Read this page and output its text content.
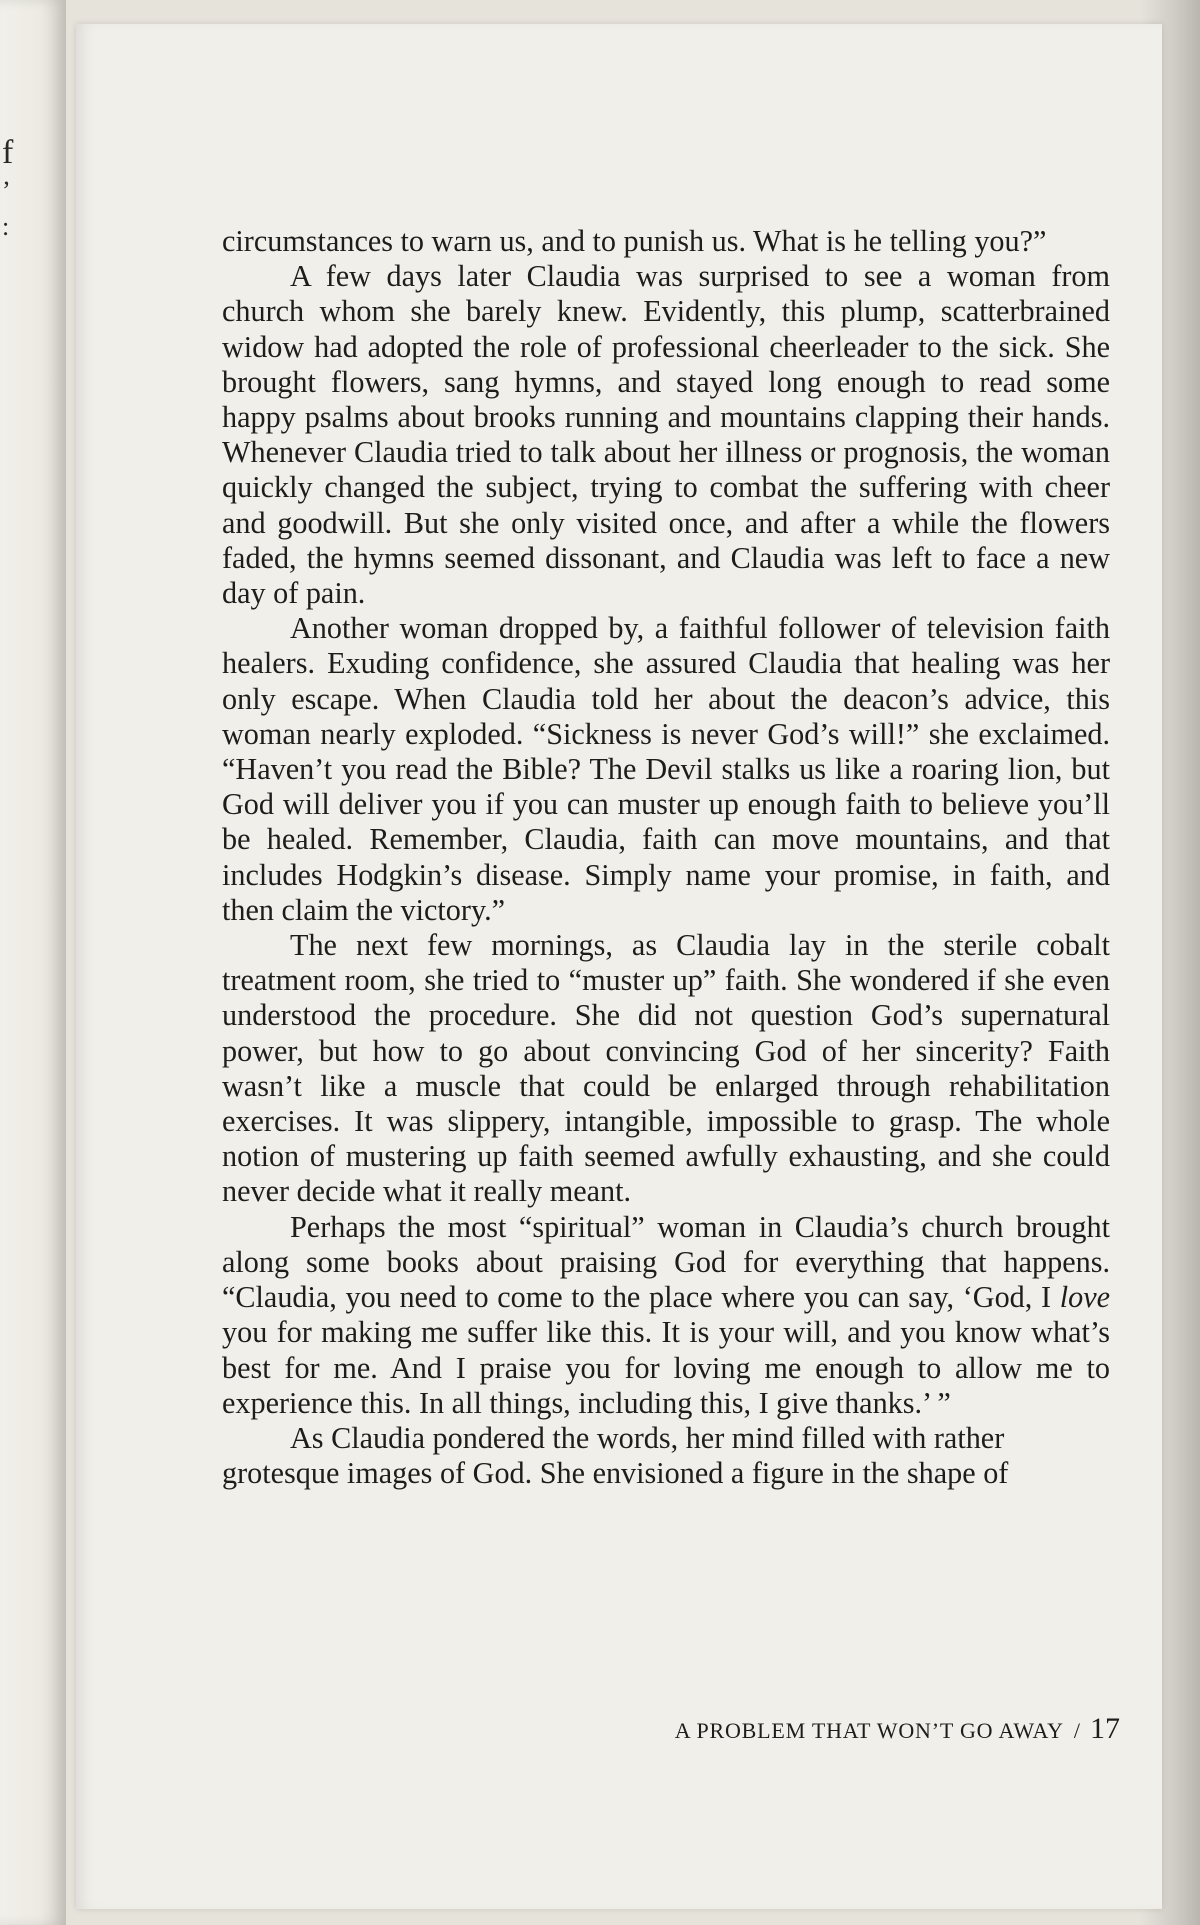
f
’
:	circumstances to warn us, and to punish us. What is he telling you?”

A few days later Claudia was surprised to see a woman from church whom she barely knew. Evidently, this plump, scatterbrained widow had adopted the role of professional cheerleader to the sick. She brought flowers, sang hymns, and stayed long enough to read some happy psalms about brooks running and mountains clapping their hands. Whenever Claudia tried to talk about her illness or prognosis, the woman quickly changed the subject, trying to combat the suffering with cheer and goodwill. But she only visited once, and after a while the flowers faded, the hymns seemed dissonant, and Claudia was left to face a new day of pain.

Another woman dropped by, a faithful follower of television faith healers. Exuding confidence, she assured Claudia that healing was her only escape. When Claudia told her about the deacon’s advice, this woman nearly exploded. “Sickness is never God’s will!” she exclaimed. “Haven’t you read the Bible? The Devil stalks us like a roaring lion, but God will deliver you if you can muster up enough faith to believe you’ll be healed. Remember, Claudia, faith can move mountains, and that includes Hodgkin’s disease. Simply name your promise, in faith, and then claim the victory.”

The next few mornings, as Claudia lay in the sterile cobalt treatment room, she tried to “muster up” faith. She wondered if she even understood the procedure. She did not question God’s supernatural power, but how to go about convincing God of her sincerity? Faith wasn’t like a muscle that could be enlarged through rehabilitation exercises. It was slippery, intangible, impossible to grasp. The whole notion of mustering up faith seemed awfully exhausting, and she could never decide what it really meant.

Perhaps the most “spiritual” woman in Claudia’s church brought along some books about praising God for everything that happens. “Claudia, you need to come to the place where you can say, ‘God, I love you for making me suffer like this. It is your will, and you know what’s best for me. And I praise you for loving me enough to allow me to experience this. In all things, including this, I give thanks.’ ”

As Claudia pondered the words, her mind filled with rather grotesque images of God. She envisioned a figure in the shape of

A PROBLEM THAT WON’T GO AWAY / 17
